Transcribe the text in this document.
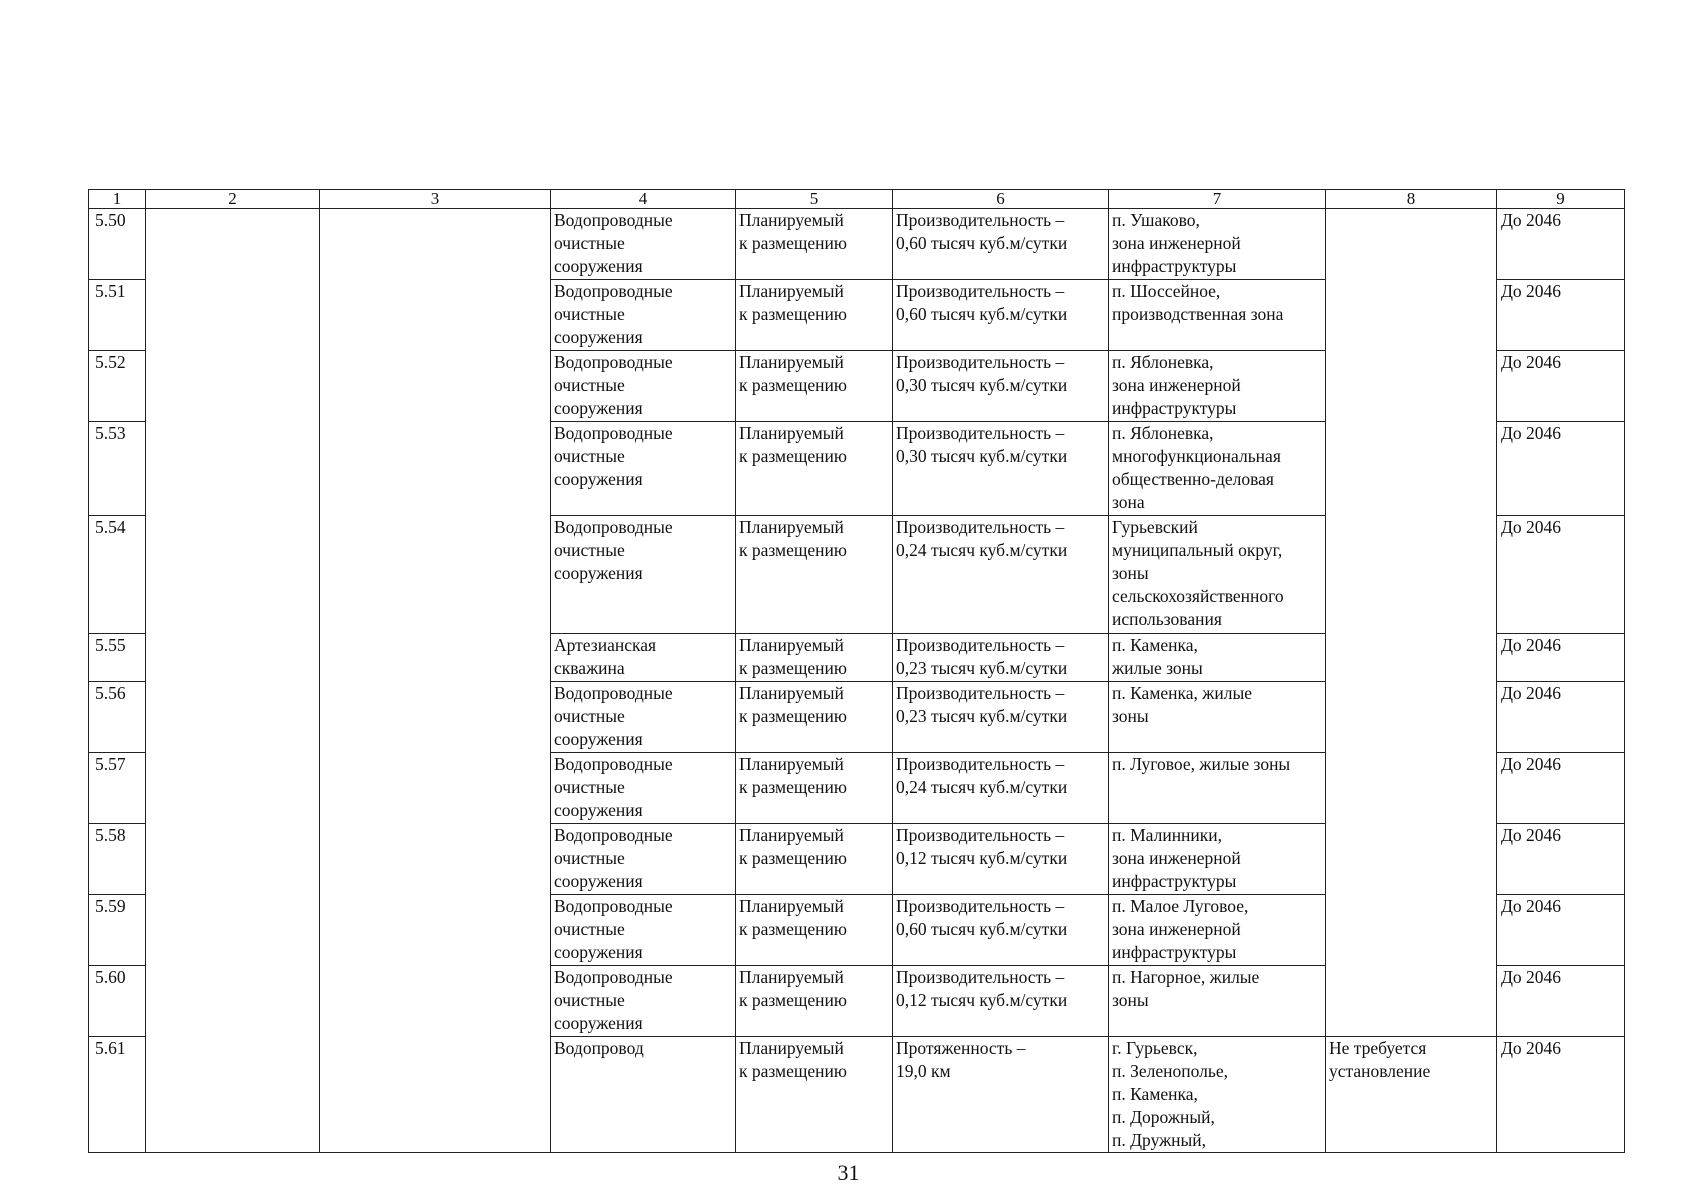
1	2	3	4	5	6	7	8	9
5.50			Водопроводные
очистные
сооружения	Планируемый
к размещению	Производительность –
0,60 тысяч куб.м/сутки	п. Ушаково,
зона инженерной
инфраструктуры		До 2046
5.51			Водопроводные
очистные
сооружения	Планируемый
к размещению	Производительность –
0,60 тысяч куб.м/сутки	п. Шоссейное,
производственная зона		До 2046
5.52			Водопроводные
очистные
сооружения	Планируемый
к размещению	Производительность –
0,30 тысяч куб.м/сутки	п. Яблоневка,
зона инженерной
инфраструктуры		До 2046
5.53			Водопроводные
очистные
сооружения	Планируемый
к размещению	Производительность –
0,30 тысяч куб.м/сутки	п. Яблоневка,
многофункциональная
общественно-деловая
зона		До 2046
5.54			Водопроводные
очистные
сооружения	Планируемый
к размещению	Производительность –
0,24 тысяч куб.м/сутки	Гурьевский
муниципальный округ,
зоны
сельскохозяйственного
использования		До 2046
5.55			Артезианская
скважина	Планируемый
к размещению	Производительность –
0,23 тысяч куб.м/сутки	п. Каменка,
жилые зоны		До 2046
5.56			Водопроводные
очистные
сооружения	Планируемый
к размещению	Производительность –
0,23 тысяч куб.м/сутки	п. Каменка, жилые
зоны		До 2046
5.57			Водопроводные
очистные
сооружения	Планируемый
к размещению	Производительность –
0,24 тысяч куб.м/сутки	п. Луговое, жилые зоны		До 2046
5.58			Водопроводные
очистные
сооружения	Планируемый
к размещению	Производительность –
0,12 тысяч куб.м/сутки	п. Малинники,
зона инженерной
инфраструктуры		До 2046
5.59			Водопроводные
очистные
сооружения	Планируемый
к размещению	Производительность –
0,60 тысяч куб.м/сутки	п. Малое Луговое,
зона инженерной
инфраструктуры		До 2046
5.60			Водопроводные
очистные
сооружения	Планируемый
к размещению	Производительность –
0,12 тысяч куб.м/сутки	п. Нагорное, жилые
зоны		До 2046
5.61			Водопровод	Планируемый
к размещению	Протяженность –
19,0 км	г. Гурьевск,
п. Зеленополье,
п. Каменка,
п. Дорожный,
п. Дружный,	Не требуется
установление	До 2046
31
